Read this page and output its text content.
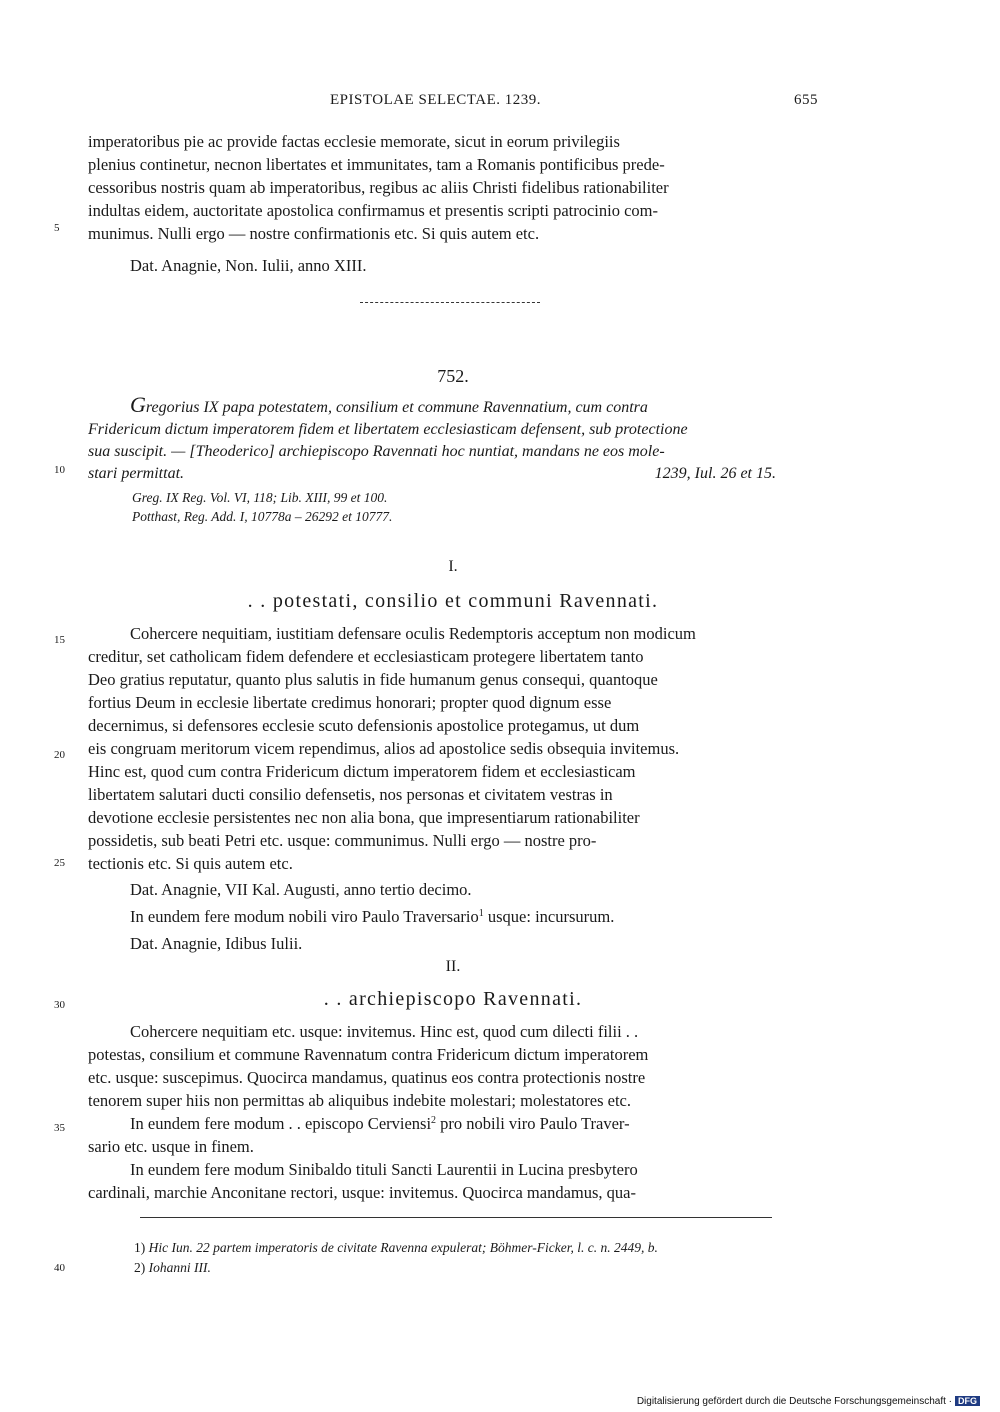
EPISTOLAE SELECTAE. 1239.	655

imperatoribus pie ac provide factas ecclesie memorate, sicut in eorum privilegiis

plenius continetur, necnon libertates et immunitates, tam a Romanis pontificibus prede-

cessoribus nostris quam ab imperatoribus, regibus ac aliis Christi fidelibus rationabiliter

indultas eidem, auctoritate apostolica confirmamus et presentis scripti patrocinio com-

munimus. Nulli ergo — nostre confirmationis etc. Si quis autem etc.

Dat. Anagnie, Non. Iulii, anno XIII.

752.
Gregorius IX papa potestatem, consilium et commune Ravennatium, cum contra
Fridericum dictum imperatorem fidem et libertatem ecclesiasticam defensent, sub protectione
sua suscipit. — [Theoderico] archiepiscopo Ravennati hoc nuntiat, mandans ne eos mole-
stari permittat.	1239, Iul. 26 et 15.
Greg. IX Reg. Vol. VI, 118; Lib. XIII, 99 et 100.
Potthast, Reg. Add. I, 10778a – 26292 et 10777.
I.
. . potestati, consilio et communi Ravennati.

Cohercere nequitiam, iustitiam defensare oculis Redemptoris acceptum non modicum

creditur, set catholicam fidem defendere et ecclesiasticam protegere libertatem tanto

Deo gratius reputatur, quanto plus salutis in fide humanum genus consequi, quantoque

fortius Deum in ecclesie libertate credimus honorari; propter quod dignum esse

decernimus, si defensores ecclesie scuto defensionis apostolice protegamus, ut dum

eis congruam meritorum vicem rependimus, alios ad apostolice sedis obsequia invitemus.

Hinc est, quod cum contra Fridericum dictum imperatorem fidem et ecclesiasticam

libertatem salutari ducti consilio defensetis, nos personas et civitatem vestras in

devotione ecclesie persistentes nec non alia bona, que impresentiarum rationabiliter

possidetis, sub beati Petri etc. usque: communimus. Nulli ergo — nostre pro-

tectionis etc. Si quis autem etc.

Dat. Anagnie, VII Kal. Augusti, anno tertio decimo.

In eundem fere modum nobili viro Paulo Traversario$^1$ usque: incursurum.

Dat. Anagnie, Idibus Iulii.

II.
. . archiepiscopo Ravennati.

Cohercere nequitiam etc. usque: invitemus. Hinc est, quod cum dilecti filii . .

potestas, consilium et commune Ravennatum contra Fridericum dictum imperatorem

etc. usque: suscepimus. Quocirca mandamus, quatinus eos contra protectionis nostre

tenorem super hiis non permittas ab aliquibus indebite molestari; molestatores etc.

In eundem fere modum . . episcopo Cerviensi$^2$ pro nobili viro Paulo Traver-

sario etc. usque in finem.

In eundem fere modum Sinibaldo tituli Sancti Laurentii in Lucina presbytero

cardinali, marchie Anconitane rectori, usque: invitemus. Quocirca mandamus, qua-

1) Hic Iun. 22 partem imperatoris de civitate Ravenna expulerat; Böhmer-Ficker, l. c. n. 2449, b.
2) Iohanni III.
5
10
15
20
25
30
35
40
Digitalisierung gefördert durch die Deutsche Forschungsgemeinschaft · DFG
